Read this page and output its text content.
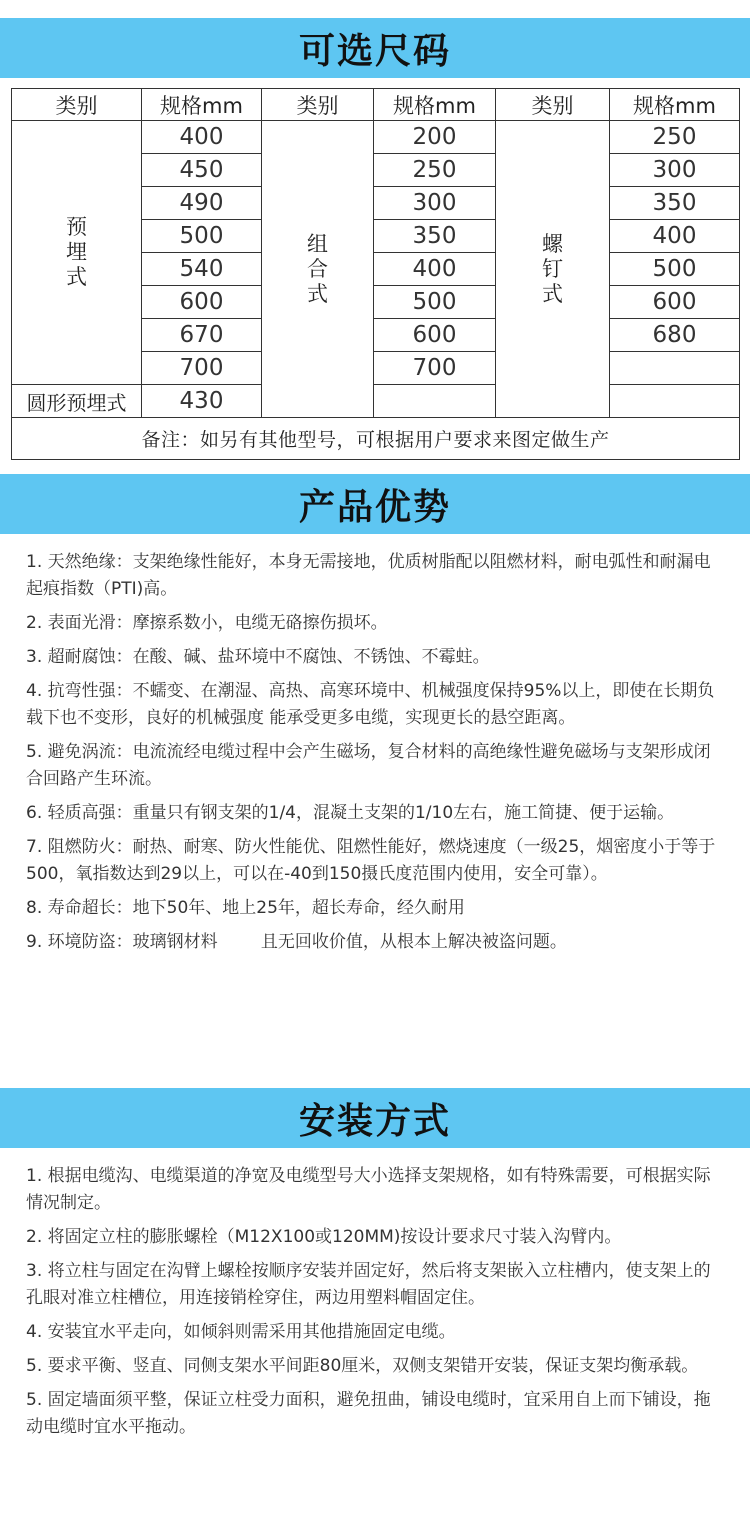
可选尺码
类别	规格mm	类别	规格mm	类别	规格mm
预埋式	400	组合式	200	螺钉式	250
	450		250		300
	490		300		350
	500		350		400
	540		400		500
	600		500		600
	670		600		680
	700		700		
圆形预埋式	430				
备注：如另有其他型号，可根据用户要求来图定做生产					
产品优势
1. 天然绝缘：支架绝缘性能好，本身无需接地，优质树脂配以阻燃材料，耐电弧性和耐漏电起痕指数（PTI)高。
2. 表面光滑：摩擦系数小，电缆无硌擦伤损坏。
3. 超耐腐蚀：在酸、碱、盐环境中不腐蚀、不锈蚀、不霉蛀。
4. 抗弯性强：不蠕变、在潮湿、高热、高寒环境中、机械强度保持95%以上，即使在长期负载下也不变形，良好的机械强度 能承受更多电缆，实现更长的悬空距离。
5. 避免涡流：电流流经电缆过程中会产生磁场，复合材料的高绝缘性避免磁场与支架形成闭合回路产生环流。
6. 轻质高强：重量只有钢支架的1/4，混凝土支架的1/10左右，施工简捷、便于运输。
7. 阻燃防火：耐热、耐寒、防火性能优、阻燃性能好，燃烧速度（一级25，烟密度小于等于500，氧指数达到29以上，可以在-40到150摄氏度范围内使用，安全可靠）。
8. 寿命超长：地下50年、地上25年，超长寿命，经久耐用
9. 环境防盗：玻璃钢材料        且无回收价值，从根本上解决被盗问题。
安装方式
1. 根据电缆沟、电缆渠道的净宽及电缆型号大小选择支架规格，如有特殊需要，可根据实际情况制定。
2. 将固定立柱的膨胀螺栓（M12X100或120MM)按设计要求尺寸装入沟臂内。
3. 将立柱与固定在沟臂上螺栓按顺序安装并固定好，然后将支架嵌入立柱槽内，使支架上的孔眼对准立柱槽位，用连接销栓穿住，两边用塑料帽固定住。
4. 安装宜水平走向，如倾斜则需采用其他措施固定电缆。
5. 要求平衡、竖直、同侧支架水平间距80厘米，双侧支架错开安装，保证支架均衡承载。
5. 固定墙面须平整，保证立柱受力面积，避免扭曲，铺设电缆时，宜采用自上而下铺设，拖动电缆时宜水平拖动。
